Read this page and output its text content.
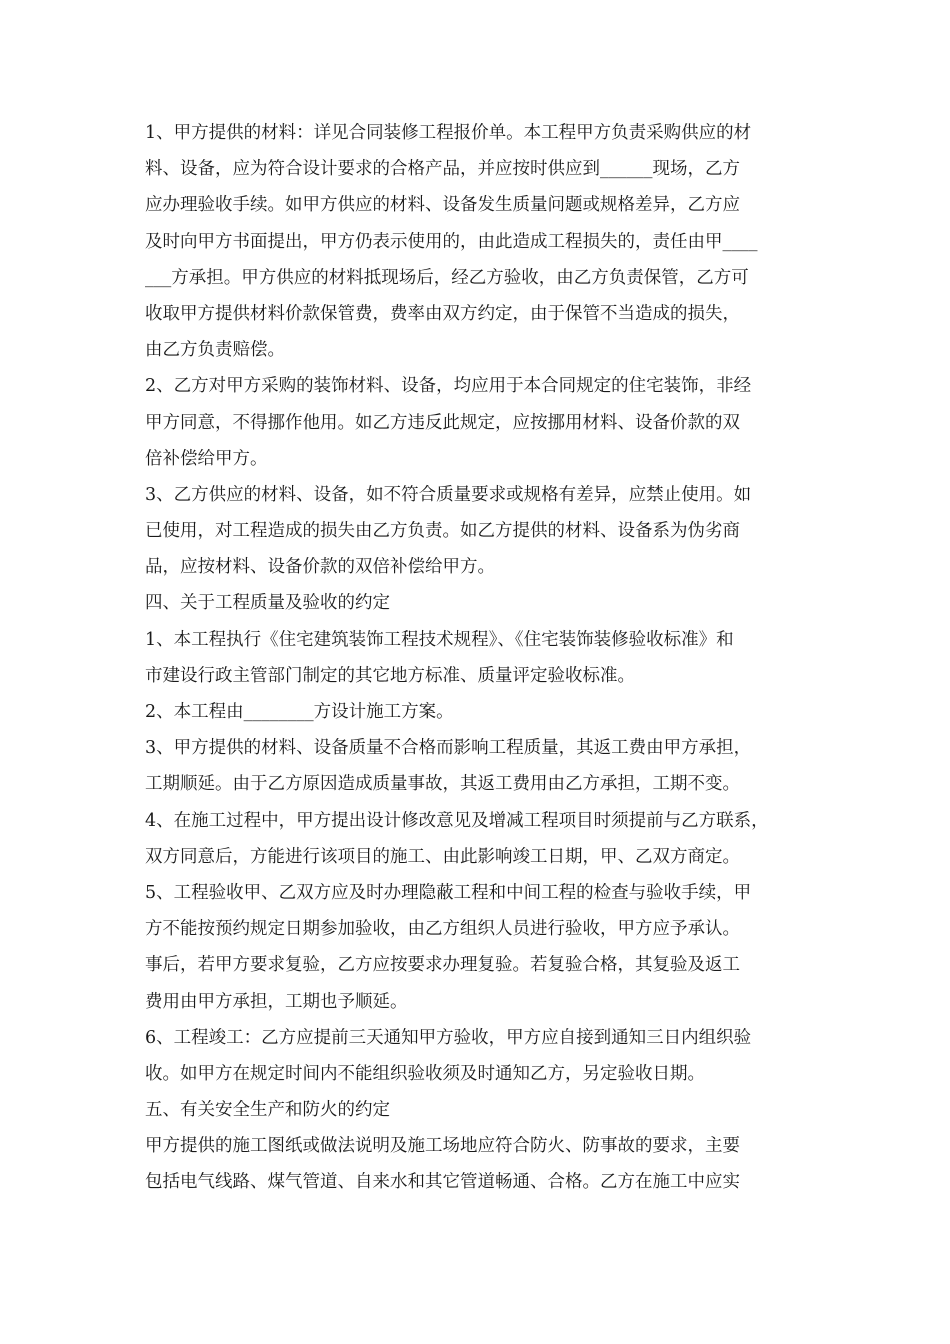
1、甲方提供的材料：详见合同装修工程报价单。本工程甲方负责采购供应的材
料、设备，应为符合设计要求的合格产品，并应按时供应到______现场，乙方
应办理验收手续。如甲方供应的材料、设备发生质量问题或规格差异，乙方应
及时向甲方书面提出，甲方仍表示使用的，由此造成工程损失的，责任由甲____
___方承担。甲方供应的材料抵现场后，经乙方验收，由乙方负责保管，乙方可
收取甲方提供材料价款保管费，费率由双方约定，由于保管不当造成的损失，
由乙方负责赔偿。
2、乙方对甲方采购的装饰材料、设备，均应用于本合同规定的住宅装饰，非经
甲方同意，不得挪作他用。如乙方违反此规定，应按挪用材料、设备价款的双
倍补偿给甲方。
3、乙方供应的材料、设备，如不符合质量要求或规格有差异，应禁止使用。如
已使用，对工程造成的损失由乙方负责。如乙方提供的材料、设备系为伪劣商
品，应按材料、设备价款的双倍补偿给甲方。
四、关于工程质量及验收的约定
1、本工程执行《住宅建筑装饰工程技术规程》、《住宅装饰装修验收标准》和
市建设行政主管部门制定的其它地方标准、质量评定验收标准。
2、本工程由________方设计施工方案。
3、甲方提供的材料、设备质量不合格而影响工程质量，其返工费由甲方承担，
工期顺延。由于乙方原因造成质量事故，其返工费用由乙方承担，工期不变。
4、在施工过程中，甲方提出设计修改意见及增减工程项目时须提前与乙方联系，
双方同意后，方能进行该项目的施工、由此影响竣工日期，甲、乙双方商定。
5、工程验收甲、乙双方应及时办理隐蔽工程和中间工程的检查与验收手续，甲
方不能按预约规定日期参加验收，由乙方组织人员进行验收，甲方应予承认。
事后，若甲方要求复验，乙方应按要求办理复验。若复验合格，其复验及返工
费用由甲方承担，工期也予顺延。
6、工程竣工：乙方应提前三天通知甲方验收，甲方应自接到通知三日内组织验
收。如甲方在规定时间内不能组织验收须及时通知乙方，另定验收日期。
五、有关安全生产和防火的约定
甲方提供的施工图纸或做法说明及施工场地应符合防火、防事故的要求，主要
包括电气线路、煤气管道、自来水和其它管道畅通、合格。乙方在施工中应实
